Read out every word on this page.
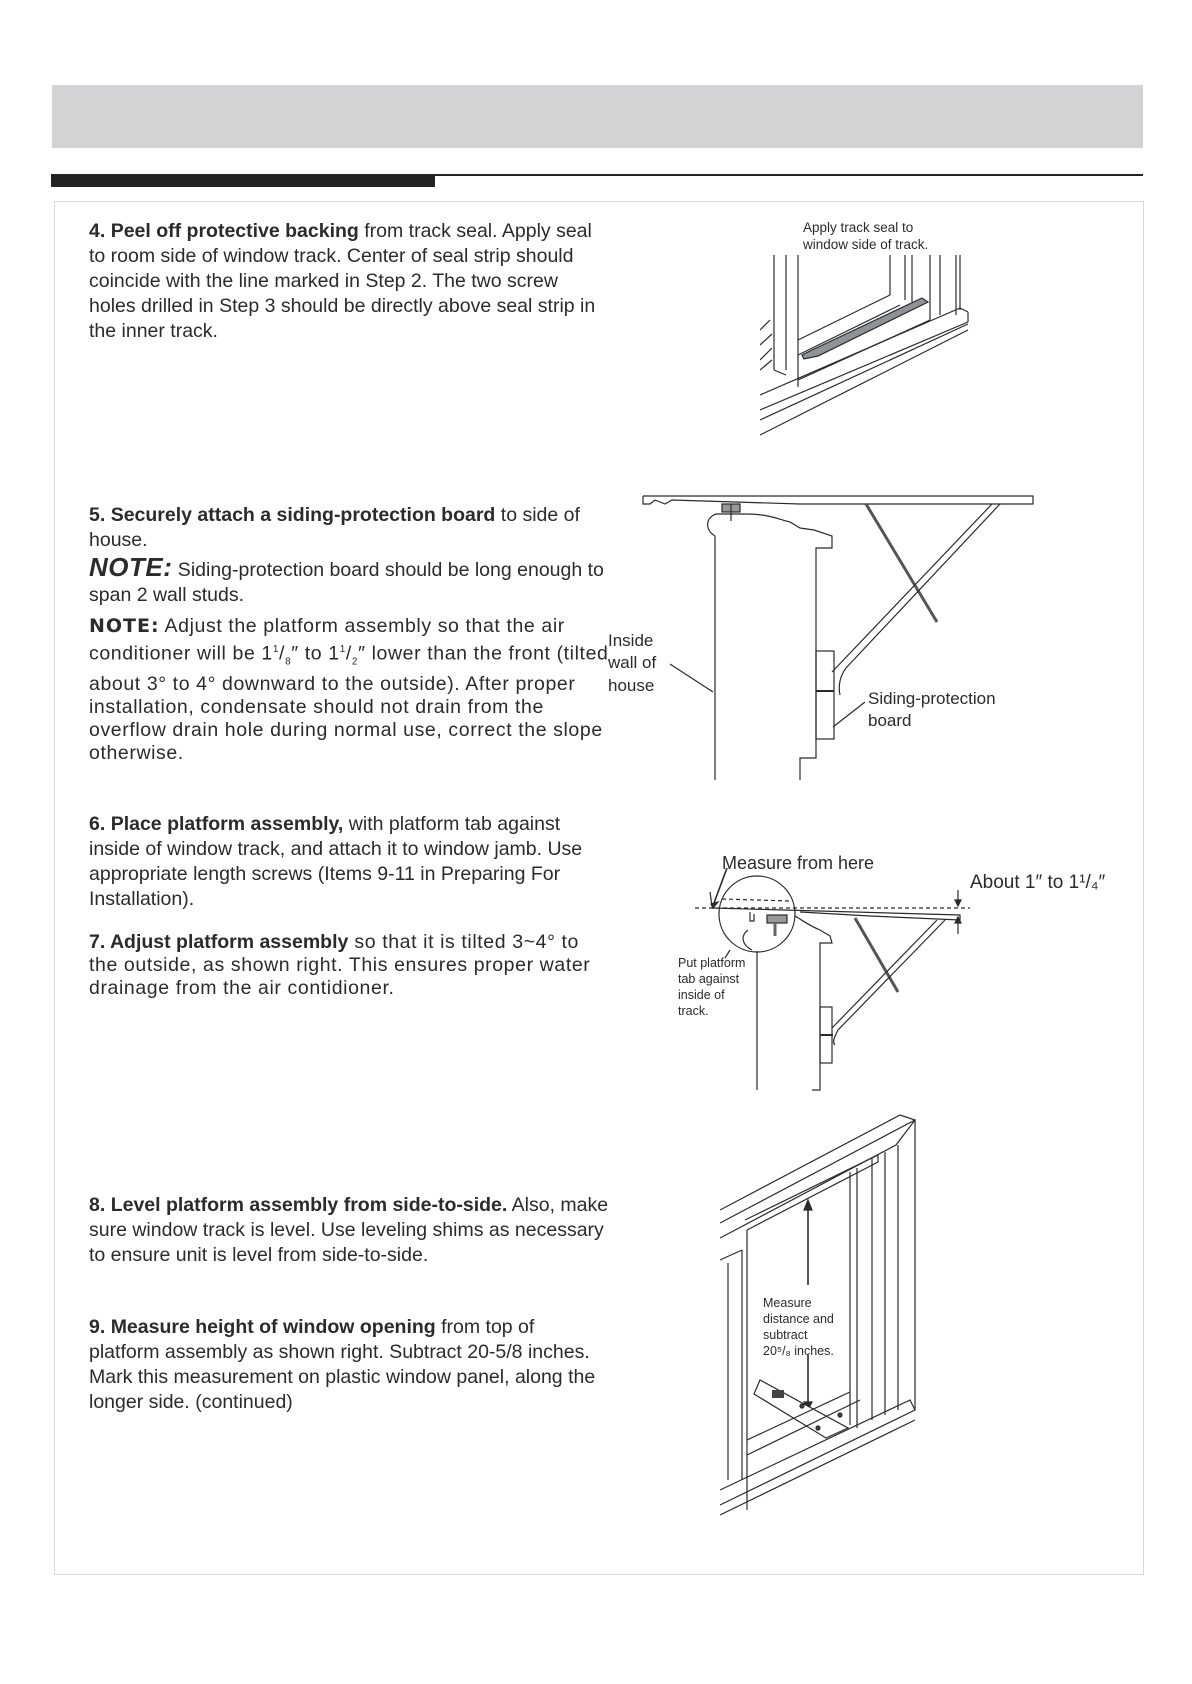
4. Peel off protective backing from track seal. Apply seal to room side of window track. Center of seal strip should coincide with the line marked in Step 2. The two screw holes drilled in Step 3 should be directly above seal strip in the inner track.
5. Securely attach a siding-protection board to side of house.
NOTE: Siding-protection board should be long enough to span 2 wall studs.
NOTE: Adjust the platform assembly so that the air conditioner will be $1^1/_8''$ to $1^1/_2''$ lower than the front (tilted about 3° to 4° downward to the outside). After proper installation, condensate should not drain from the overflow drain hole during normal use, correct the slope otherwise.
6. Place platform assembly, with platform tab against inside of window track, and attach it to window jamb. Use appropriate length screws (Items 9-11 in Preparing For Installation).
7. Adjust platform assembly so that it is tilted 3~4° to the outside, as shown right. This ensures proper water drainage from the air contidioner.
8. Level platform assembly from side-to-side. Also, make sure window track is level. Use leveling shims as necessary to ensure unit is level from side-to-side.
9. Measure height of window opening from top of platform assembly as shown right. Subtract 20-5/8 inches. Mark this measurement on plastic window panel, along the longer side. (continued)
Apply track seal to
window side of track.
Inside
wall of
house
Siding-protection
board
Measure from here
About 1″ to 1¹/₄″
Put platform
tab against
inside of
track.
Measure
distance and
subtract
20⁵/₈ inches.
